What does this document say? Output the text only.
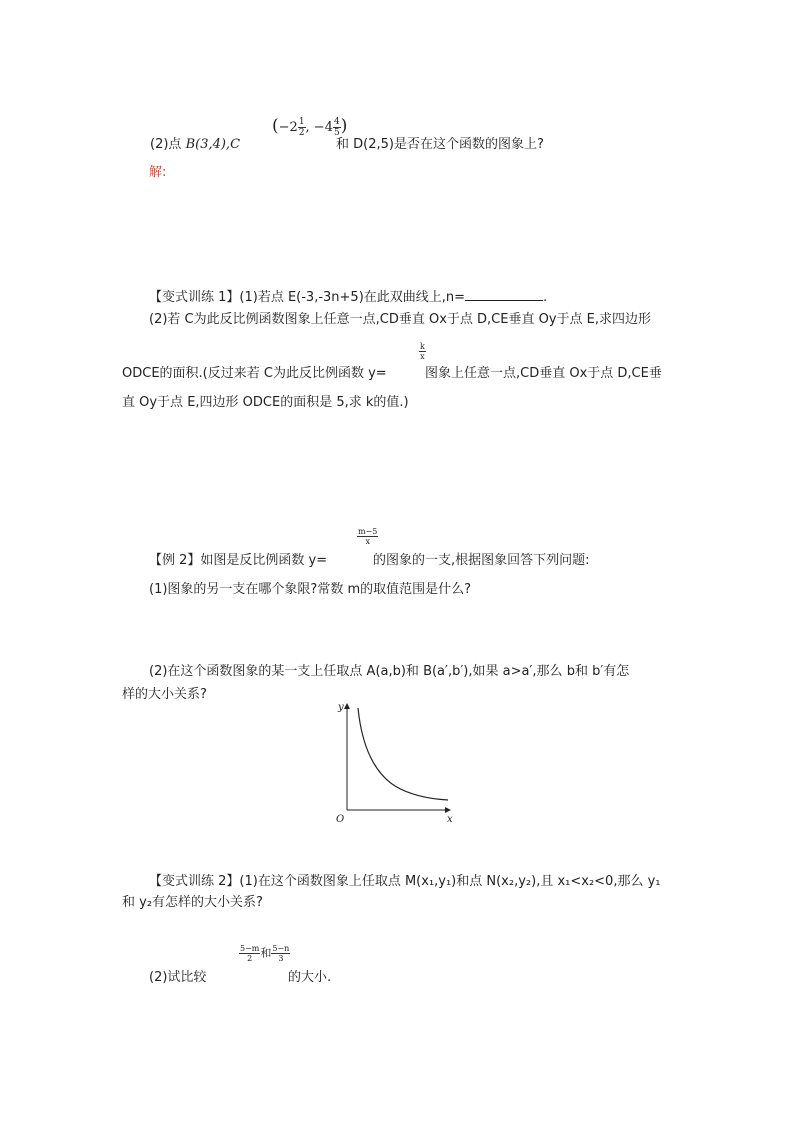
(2)点 B(3,4),C
($-2 \frac{1}{2}$ , $-4 \frac{4}{5}$ )
和 D(2,5)是否在这个函数的图象上?
解:
【变式训练 1】(1)若点 E(-3,-3n+5)在此双曲线上,n=	.
(2)若 C为此反比例函数图象上任意一点,CD垂直 Ox于点 D,CE垂直 Oy于点 E,求四边形
ODCE的面积.(反过来若 C为此反比例函数 y=
$\frac{k}{x}$
图象上任意一点,CD垂直 Ox于点 D,CE垂
直 Oy于点 E,四边形 ODCE的面积是 5,求 k的值.)
【例 2】如图是反比例函数 y=
$\frac{m-5}{x}$
的图象的一支,根据图象回答下列问题:
(1)图象的另一支在哪个象限?常数 m的取值范围是什么?
(2)在这个函数图象的某一支上任取点 A(a,b)和 B(a′,b′),如果 a>a′,那么 b和 b′有怎
样的大小关系?
y
x
O
【变式训练 2】(1)在这个函数图象上任取点 M(x₁,y₁)和点 N(x₂,y₂),且 x₁<x₂<0,那么 y₁
和 y₂有怎样的大小关系?
(2)试比较
$\frac{5-m}{2}$ 和 $\frac{5-n}{3}$
的大小.
